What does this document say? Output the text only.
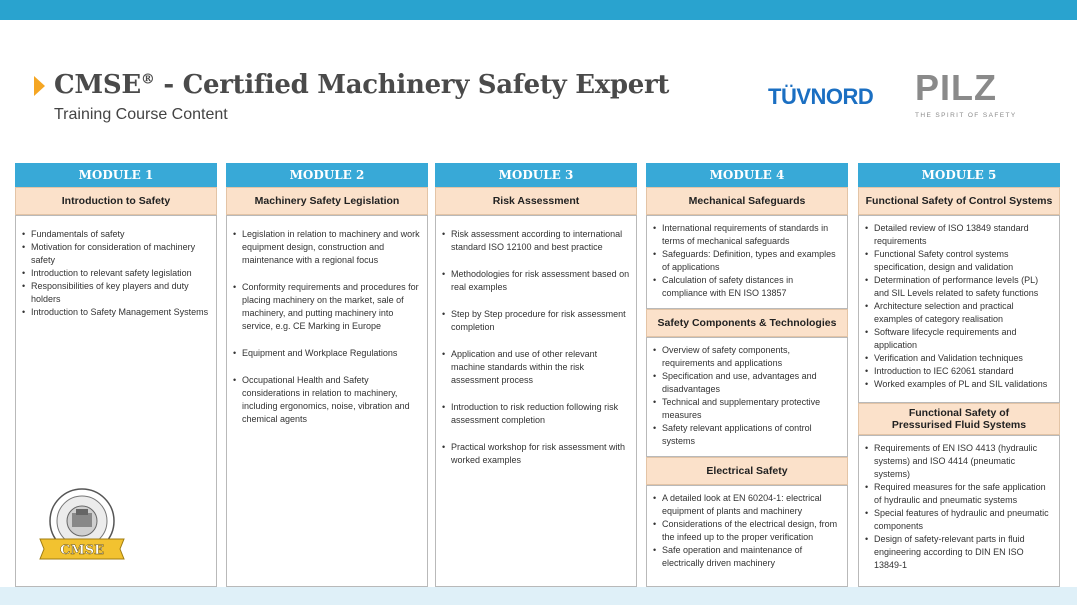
CMSE® - Certified Machinery Safety Expert
Training Course Content
TÜVNORD PILZ
THE SPIRIT OF SAFETY
MODULE 1
Introduction to Safety
• Fundamentals of safety
• Motivation for consideration of machinery safety
• Introduction to relevant safety legislation
• Responsibilities of key players and duty holders
• Introduction to Safety Management Systems
MODULE 2
Machinery Safety Legislation
• Legislation in relation to machinery and work equipment design, construction and maintenance with a regional focus
• Conformity requirements and procedures for placing machinery on the market, sale of machinery, and putting machinery into service, e.g. CE Marking in Europe
• Equipment and Workplace Regulations
• Occupational Health and Safety considerations in relation to machinery, including ergonomics, noise, vibration and chemical agents
MODULE 3
Risk Assessment
• Risk assessment according to international standard ISO 12100 and best practice
• Methodologies for risk assessment based on real examples
• Step by Step procedure for risk assessment completion
• Application and use of other relevant machine standards within the risk assessment process
• Introduction to risk reduction following risk assessment completion
• Practical workshop for risk assessment with worked examples
MODULE 4
Mechanical Safeguards
• International requirements of standards in terms of mechanical safeguards
• Safeguards: Definition, types and examples of applications
• Calculation of safety distances in compliance with EN ISO 13857
Safety Components & Technologies
• Overview of safety components, requirements and applications
• Specification and use, advantages and disadvantages
• Technical and supplementary protective measures
• Safety relevant applications of control systems
Electrical Safety
• A detailed look at EN 60204-1: electrical equipment of plants and machinery
• Considerations of the electrical design, from the infeed up to the proper verification
• Safe operation and maintenance of electrically driven machinery
MODULE 5
Functional Safety of Control Systems
• Detailed review of ISO 13849 standard requirements
• Functional Safety control systems specification, design and validation
• Determination of performance levels (PL) and SIL Levels related to safety functions
• Architecture selection and practical examples of category realisation
• Software lifecycle requirements and application
• Verification and Validation techniques
• Introduction to IEC 62061 standard
• Worked examples of PL and SIL validations
Functional Safety of
Pressurised Fluid Systems
• Requirements of EN ISO 4413 (hydraulic systems) and ISO 4414 (pneumatic systems)
• Required measures for the safe application of hydraulic and pneumatic systems
• Special features of hydraulic and pneumatic components
• Design of safety-relevant parts in fluid engineering according to DIN EN ISO 13849-1
CMSE
